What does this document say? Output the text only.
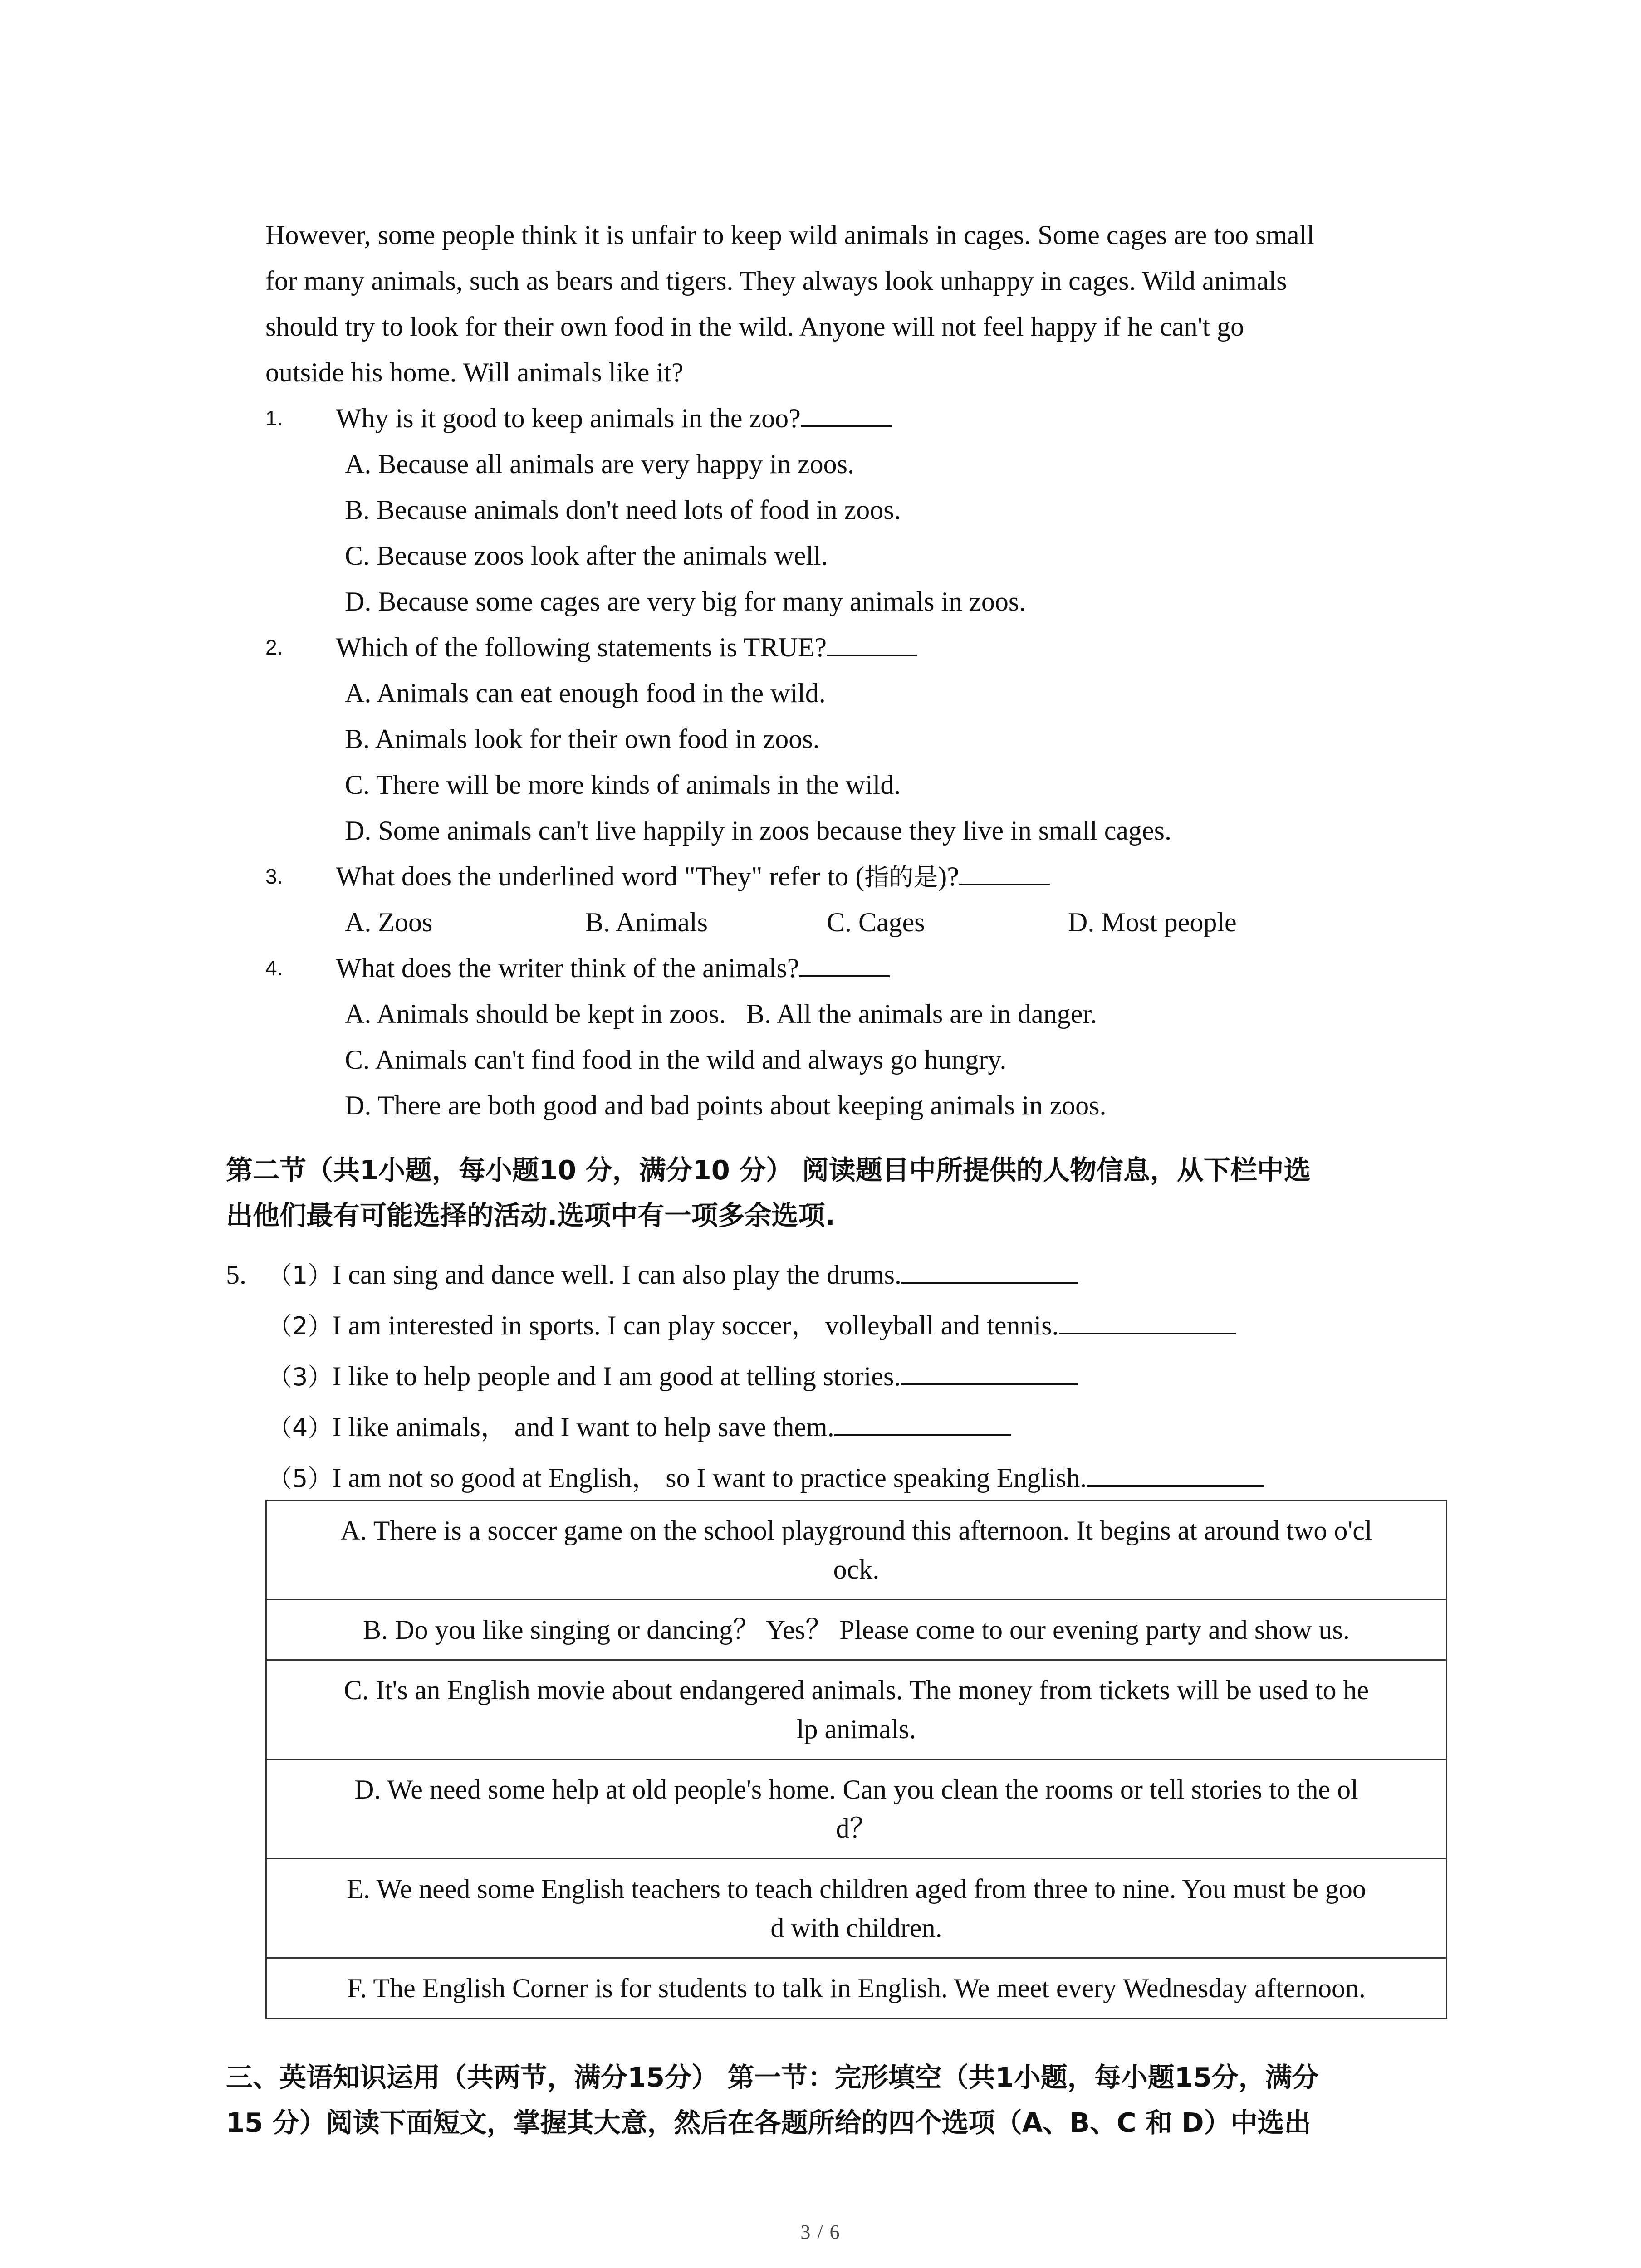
However, some people think it is unfair to keep wild animals in cages. Some cages are too small

for many animals, such as bears and tigers. They always look unhappy in cages. Wild animals

should try to look for their own food in the wild. Anyone will not feel happy if he can't go

outside his home. Will animals like it?

1. Why is it good to keep animals in the zoo?
A. Because all animals are very happy in zoos.
B. Because animals don't need lots of food in zoos.
C. Because zoos look after the animals well.
D. Because some cages are very big for many animals in zoos.
2. Which of the following statements is TRUE?
A. Animals can eat enough food in the wild.
B. Animals look for their own food in zoos.
C. There will be more kinds of animals in the wild.
D. Some animals can't live happily in zoos because they live in small cages.
3. What does the underlined word "They" refer to (指的是)?
A. Zoos	B. Animals	C. Cages	D. Most people
4. What does the writer think of the animals?
A. Animals should be kept in zoos.   B. All the animals are in danger.
C. Animals can't find food in the wild and always go hungry.
D. There are both good and bad points about keeping animals in zoos.
第二节（共1小题，每小题10 分，满分10 分） 阅读题目中所提供的人物信息，从下栏中选
出他们最有可能选择的活动.选项中有一项多余选项.
5. （1）I can sing and dance well. I can also play the drums.
（2）I am interested in sports. I can play soccer， volleyball and tennis.
（3）I like to help people and I am good at telling stories.
（4）I like animals， and I want to help save them.
（5）I am not so good at English， so I want to practice speaking English.
A. There is a soccer game on the school playground this afternoon. It begins at around two o'cl
ock.

B. Do you like singing or dancing？ Yes？ Please come to our evening party and show us.

C. It's an English movie about endangered animals. The money from tickets will be used to he
lp animals.

D. We need some help at old people's home. Can you clean the rooms or tell stories to the ol
d？

E. We need some English teachers to teach children aged from three to nine. You must be goo
d with children.

F. The English Corner is for students to talk in English. We meet every Wednesday afternoon.
三、英语知识运用（共两节，满分15分） 第一节：完形填空（共1小题，每小题15分，满分
15 分）阅读下面短文，掌握其大意，然后在各题所给的四个选项（A、B、C 和 D）中选出
3 / 6
